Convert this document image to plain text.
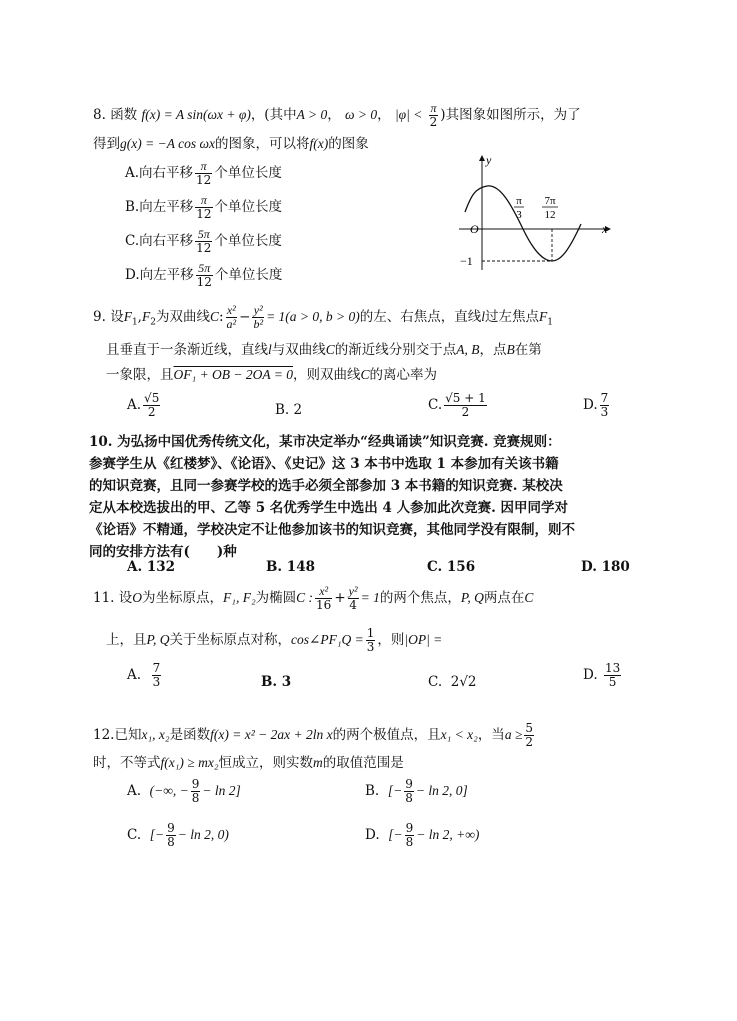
8. 函数 f(x) = A sin(ωx + φ)，(其中A > 0， ω > 0， $|\varphi| < \frac{\pi}{2}$ )其图象如图所示，为了
得到g(x) = −A cos ωx的图象，可以将f(x)的图象
A.向右平移 $\frac{\pi}{12}$ 个单位长度
B.向左平移 $\frac{\pi}{12}$ 个单位长度
C.向右平移 $\frac{5\pi}{12}$ 个单位长度
D.向左平移 $\frac{5\pi}{12}$ 个单位长度
y
x
O
π
3
7π
12
−1
9. 设$F_1,F_2$为双曲线C: $\frac{\text{x²}}{\text{a²}} - \frac{\text{y²}}{\text{b²}} = 1(a > 0$, b > 0)的左、右焦点，直线l过左焦点$F_1$
且垂直于一条渐近线，直线l与双曲线C的渐近线分别交于点A, B，点B在第
一象限，且OF₁ + OB − 2OA = 0，则双曲线C的离心率为
A. $\frac{√5}{2}$	B. 2	C. $\frac{√5 + 1}{2}$	D. $\frac{7}{3}$
10. 为弘扬中国优秀传统文化，某市决定举办“经典诵读”知识竞赛. 竞赛规则：
参赛学生从《红楼梦》、《论语》、《史记》这 3 本书中选取 1 本参加有关该书籍
的知识竞赛，且同一参赛学校的选手必须全部参加 3 本书籍的知识竞赛. 某校决
定从本校选拔出的甲、乙等 5 名优秀学生中选出 4 人参加此次竞赛. 因甲同学对
《论语》不精通，学校决定不让他参加该书的知识竞赛，其他同学没有限制，则不
同的安排方法有(　　)种
A. 132	B. 148	C. 156	D. 180
11. 设O为坐标原点，F₁, F₂为椭圆C : $\frac{\text{x²}}{16} + \frac{\text{y²}}{4} = 1$的两个焦点，P, Q两点在C
上，且P, Q关于坐标原点对称，cos∠PF₁Q = $\frac{1}{3}$ ，则|OP| =
A. $\frac{7}{3}$	B. 3	C. 2√2	D. $\frac{13}{5}$
12.已知x₁, x₂是函数f(x) = x² − 2ax + 2ln x的两个极值点，且x₁ < x₂，当$a \ge \frac{5}{2}$
时，不等式f(x₁) ≥ mx₂恒成立，则实数m的取值范围是
A. (−∞, − $\frac{9}{8} - \ln 2$]	B. [− $\frac{9}{8} - \ln 2$, 0]
C. [− $\frac{9}{8} - \ln 2$, 0)	D. [− $\frac{9}{8} - \ln 2$, +∞)
